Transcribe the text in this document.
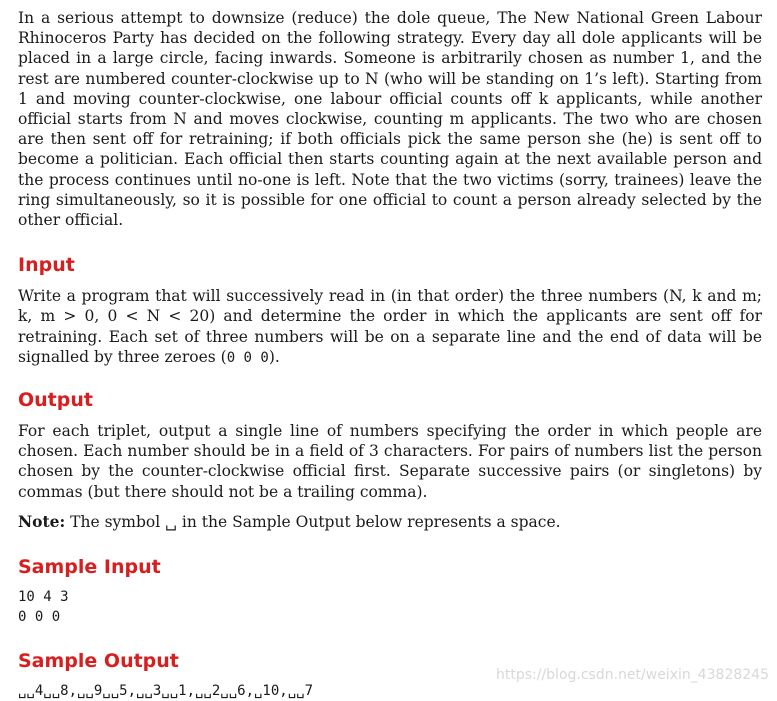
In a serious attempt to downsize (reduce) the dole queue, The New National Green Labour Rhinoceros Party has decided on the following strategy. Every day all dole applicants will be placed in a large circle, facing inwards. Someone is arbitrarily chosen as number 1, and the rest are numbered counter-clockwise up to N (who will be standing on 1’s left). Starting from 1 and moving counter-clockwise, one labour official counts off k applicants, while another official starts from N and moves clockwise, counting m applicants. The two who are chosen are then sent off for retraining; if both officials pick the same person she (he) is sent off to become a politician. Each official then starts counting again at the next available person and the process continues until no-one is left. Note that the two victims (sorry, trainees) leave the ring simultaneously, so it is possible for one official to count a person already selected by the other official.

Input

Write a program that will successively read in (in that order) the three numbers (N, k and m; k, m > 0, 0 < N < 20) and determine the order in which the applicants are sent off for retraining. Each set of three numbers will be on a separate line and the end of data will be signalled by three zeroes (0 0 0).

Output

For each triplet, output a single line of numbers specifying the order in which people are chosen. Each number should be in a field of 3 characters. For pairs of numbers list the person chosen by the counter-clockwise official first. Separate successive pairs (or singletons) by commas (but there should not be a trailing comma).

Note: The symbol ␣ in the Sample Output below represents a space.

Sample Input
10 4 3
0 0 0
Sample Output
␣␣4␣␣8,␣␣9␣␣5,␣␣3␣␣1,␣␣2␣␣6,␣10,␣␣7
https://blog.csdn.net/weixin_43828245
